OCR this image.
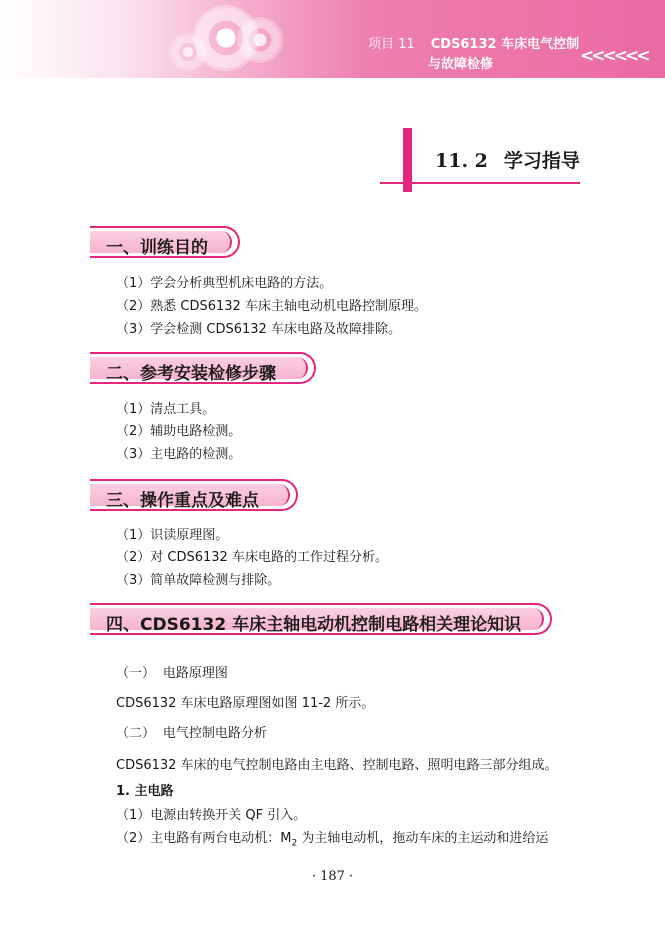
项目 11 CDS6132 车床电气控制
与故障检修	<<<<<<
11. 2 学习指导
一、训练目的
（1）学会分析典型机床电路的方法。
（2）熟悉 CDS6132 车床主轴电动机电路控制原理。
（3）学会检测 CDS6132 车床电路及故障排除。
二、参考安装检修步骤
（1）清点工具。
（2）辅助电路检测。
（3）主电路的检测。
三、操作重点及难点
（1）识读原理图。
（2）对 CDS6132 车床电路的工作过程分析。
（3）简单故障检测与排除。
四、CDS6132 车床主轴电动机控制电路相关理论知识
（一） 电路原理图
CDS6132 车床电路原理图如图 11-2 所示。
（二） 电气控制电路分析
CDS6132 车床的电气控制电路由主电路、控制电路、照明电路三部分组成。
1. 主电路
（1）电源由转换开关 QF 引入。
（2）主电路有两台电动机：$M_2$ 为主轴电动机，拖动车床的主运动和进给运
· 187 ·
